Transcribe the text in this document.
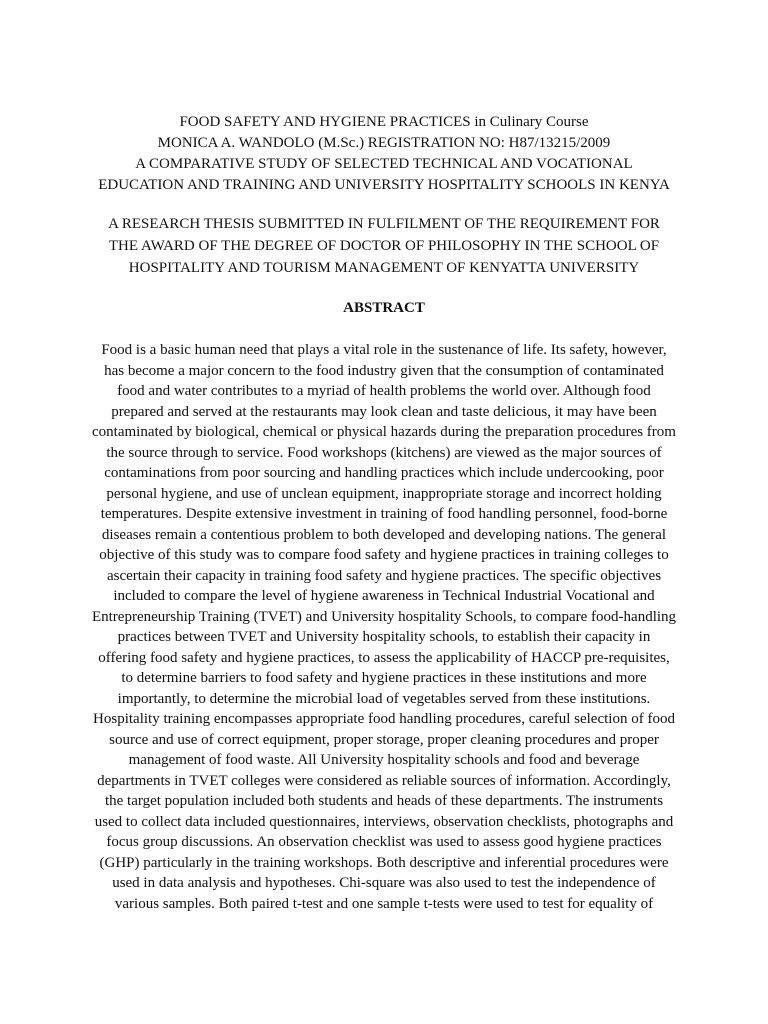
FOOD SAFETY AND HYGIENE PRACTICES in Culinary Course
MONICA A. WANDOLO (M.Sc.) REGISTRATION NO: H87/13215/2009
A COMPARATIVE STUDY OF SELECTED TECHNICAL AND VOCATIONAL
EDUCATION AND TRAINING AND UNIVERSITY HOSPITALITY SCHOOLS IN KENYA
A RESEARCH THESIS SUBMITTED IN FULFILMENT OF THE REQUIREMENT FOR
THE AWARD OF THE DEGREE OF DOCTOR OF PHILOSOPHY IN THE SCHOOL OF
HOSPITALITY AND TOURISM MANAGEMENT OF KENYATTA UNIVERSITY
ABSTRACT
Food is a basic human need that plays a vital role in the sustenance of life. Its safety, however,
has become a major concern to the food industry given that the consumption of contaminated
food and water contributes to a myriad of health problems the world over. Although food
prepared and served at the restaurants may look clean and taste delicious, it may have been
contaminated by biological, chemical or physical hazards during the preparation procedures from
the source through to service. Food workshops (kitchens) are viewed as the major sources of
contaminations from poor sourcing and handling practices which include undercooking, poor
personal hygiene, and use of unclean equipment, inappropriate storage and incorrect holding
temperatures. Despite extensive investment in training of food handling personnel, food-borne
diseases remain a contentious problem to both developed and developing nations. The general
objective of this study was to compare food safety and hygiene practices in training colleges to
ascertain their capacity in training food safety and hygiene practices. The specific objectives
included to compare the level of hygiene awareness in Technical Industrial Vocational and
Entrepreneurship Training (TVET) and University hospitality Schools, to compare food-handling
practices between TVET and University hospitality schools, to establish their capacity in
offering food safety and hygiene practices, to assess the applicability of HACCP pre-requisites,
to determine barriers to food safety and hygiene practices in these institutions and more
importantly, to determine the microbial load of vegetables served from these institutions.
Hospitality training encompasses appropriate food handling procedures, careful selection of food
source and use of correct equipment, proper storage, proper cleaning procedures and proper
management of food waste. All University hospitality schools and food and beverage
departments in TVET colleges were considered as reliable sources of information. Accordingly,
the target population included both students and heads of these departments. The instruments
used to collect data included questionnaires, interviews, observation checklists, photographs and
focus group discussions. An observation checklist was used to assess good hygiene practices
(GHP) particularly in the training workshops. Both descriptive and inferential procedures were
used in data analysis and hypotheses. Chi-square was also used to test the independence of
various samples. Both paired t-test and one sample t-tests were used to test for equality of
